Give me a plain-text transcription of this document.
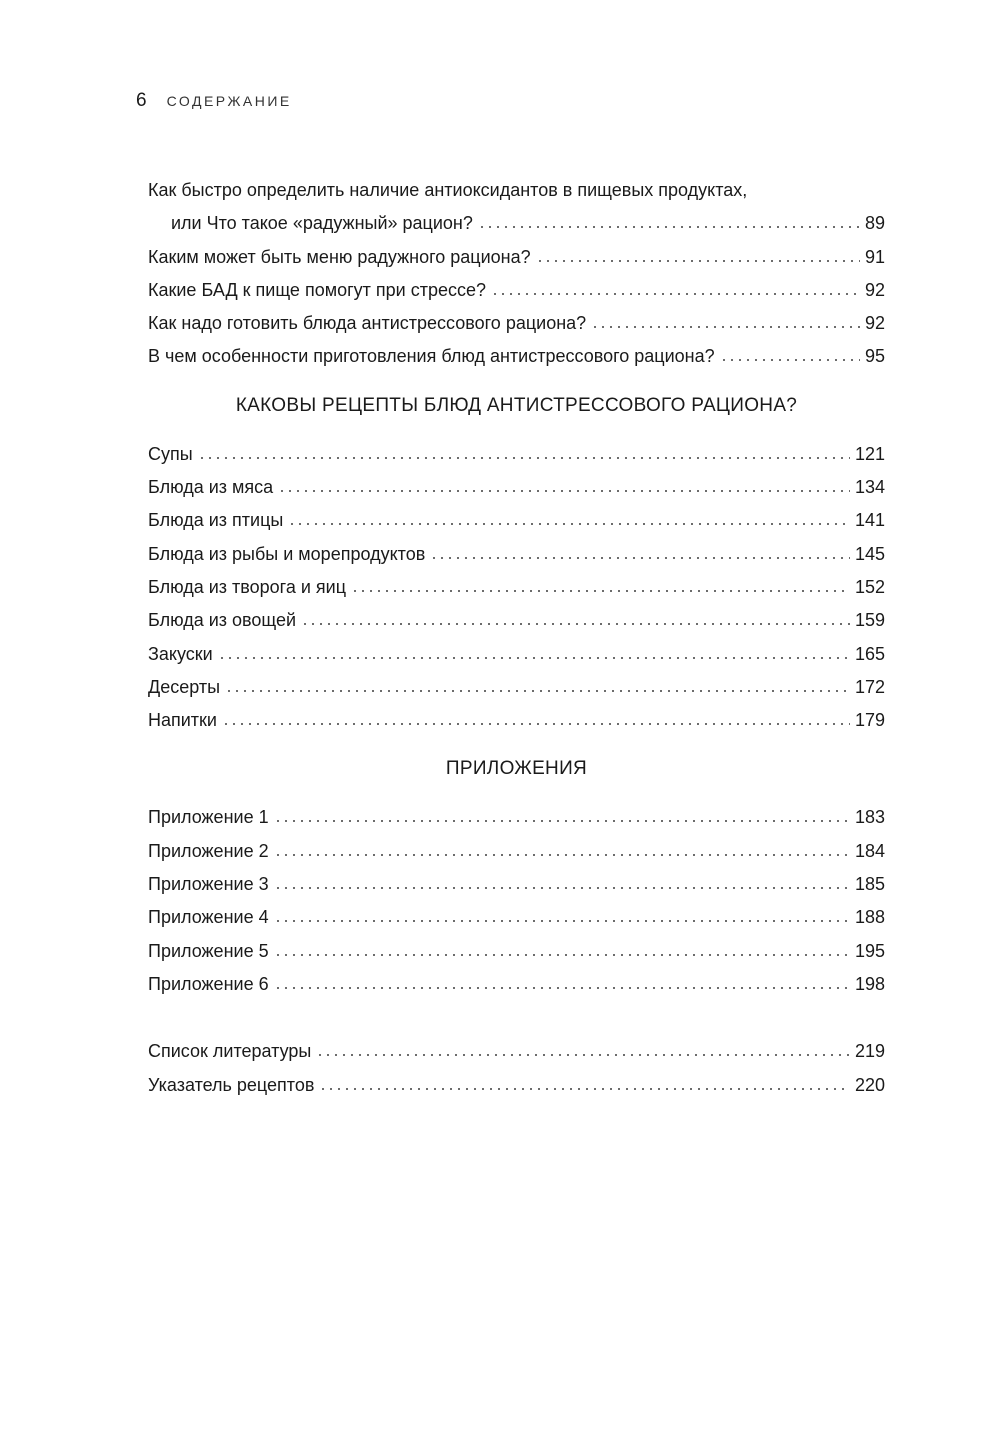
6 СОДЕРЖАНИЕ
Как быстро определить наличие антиоксидантов в пищевых продуктах,
или Что такое «радужный» рацион?	89
Каким может быть меню радужного рациона?	91
Какие БАД к пище помогут при стрессе?	92
Как надо готовить блюда антистрессового рациона?	92
В чем особенности приготовления блюд антистрессового рациона?	95
КАКОВЫ РЕЦЕПТЫ БЛЮД АНТИСТРЕССОВОГО РАЦИОНА?
Супы	121
Блюда из мяса	134
Блюда из птицы	141
Блюда из рыбы и морепродуктов	145
Блюда из творога и яиц	152
Блюда из овощей	159
Закуски	165
Десерты	172
Напитки	179
ПРИЛОЖЕНИЯ
Приложение 1	183
Приложение 2	184
Приложение 3	185
Приложение 4	188
Приложение 5	195
Приложение 6	198
Список литературы	219
Указатель рецептов	220
